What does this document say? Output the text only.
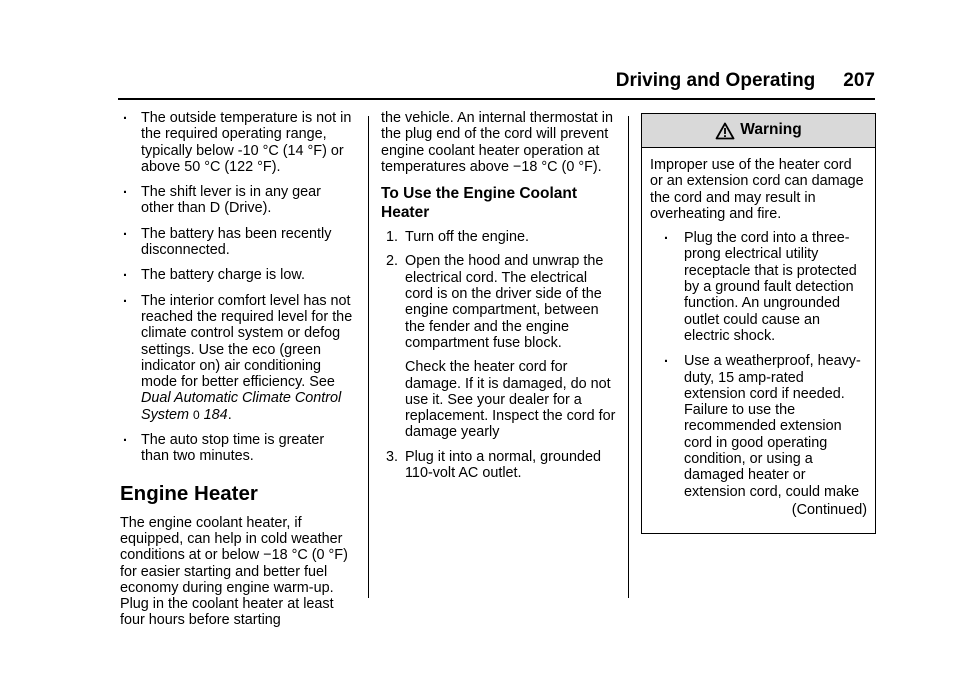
Driving and Operating 207
. The outside temperature is not in the required operating range, typically below -10 °C (14 °F) or above 50 °C (122 °F).
. The shift lever is in any gear other than D (Drive).
. The battery has been recently disconnected.
. The battery charge is low.
. The interior comfort level has not reached the required level for the climate control system or defog settings. Use the eco (green indicator on) air conditioning mode for better efficiency. See Dual Automatic Climate Control System 0 184.
. The auto stop time is greater than two minutes.
Engine Heater

The engine coolant heater, if equipped, can help in cold weather conditions at or below −18 °C (0 °F) for easier starting and better fuel economy during engine warm-up. Plug in the coolant heater at least four hours before starting

the vehicle. An internal thermostat in the plug end of the cord will prevent engine coolant heater operation at temperatures above −18 °C (0 °F).

To Use the Engine Coolant Heater
1. Turn off the engine.
2. Open the hood and unwrap the electrical cord. The electrical cord is on the driver side of the engine compartment, between the fender and the engine compartment fuse block.
Check the heater cord for damage. If it is damaged, do not use it. See your dealer for a replacement. Inspect the cord for damage yearly
3. Plug it into a normal, grounded 110-volt AC outlet.
Warning

Improper use of the heater cord or an extension cord can damage the cord and may result in overheating and fire.

. Plug the cord into a three-prong electrical utility receptacle that is protected by a ground fault detection function. An ungrounded outlet could cause an electric shock.
. Use a weatherproof, heavy-duty, 15 amp-rated extension cord if needed. Failure to use the recommended extension cord in good operating condition, or using a damaged heater or extension cord, could make

(Continued)
